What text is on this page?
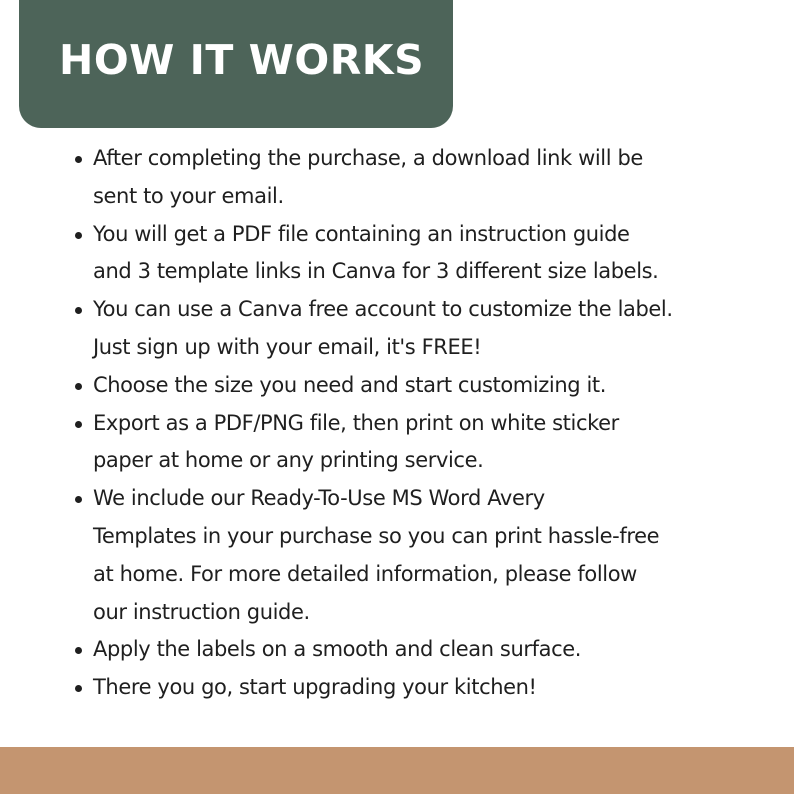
HOW IT WORKS
After completing the purchase, a download link will be
sent to your email.
You will get a PDF file containing an instruction guide
and 3 template links in Canva for 3 different size labels.
You can use a Canva free account to customize the label.
Just sign up with your email, it's FREE!
Choose the size you need and start customizing it.
Export as a PDF/PNG file, then print on white sticker
paper at home or any printing service.
We include our Ready-To-Use MS Word Avery
Templates in your purchase so you can print hassle-free
at home. For more detailed information, please follow
our instruction guide.
Apply the labels on a smooth and clean surface.
There you go, start upgrading your kitchen!
